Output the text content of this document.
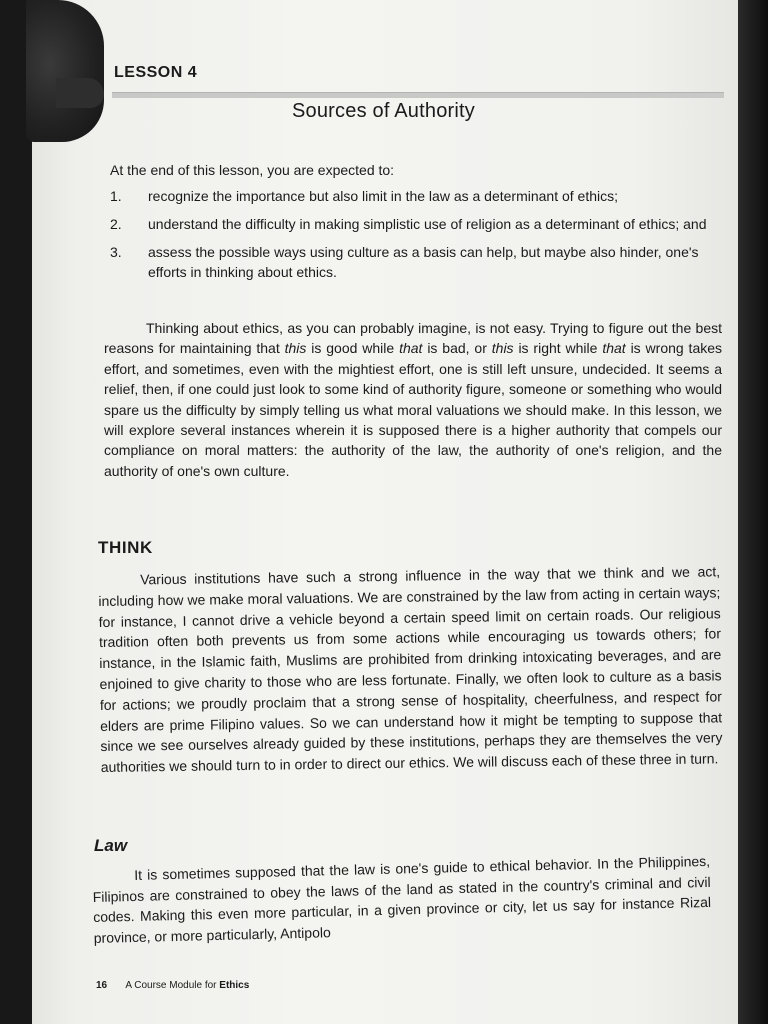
LESSON 4
Sources of Authority

At the end of this lesson, you are expected to:

1. recognize the importance but also limit in the law as a determinant of ethics;
2. understand the difficulty in making simplistic use of religion as a determinant of ethics; and
3. assess the possible ways using culture as a basis can help, but maybe also hinder, one's efforts in thinking about ethics.

Thinking about ethics, as you can probably imagine, is not easy. Trying to figure out the best reasons for maintaining that this is good while that is bad, or this is right while that is wrong takes effort, and sometimes, even with the mightiest effort, one is still left unsure, undecided. It seems a relief, then, if one could just look to some kind of authority figure, someone or something who would spare us the difficulty by simply telling us what moral valuations we should make. In this lesson, we will explore several instances wherein it is supposed there is a higher authority that compels our compliance on moral matters: the authority of the law, the authority of one's religion, and the authority of one's own culture.

THINK

Various institutions have such a strong influence in the way that we think and we act, including how we make moral valuations. We are constrained by the law from acting in certain ways; for instance, I cannot drive a vehicle beyond a certain speed limit on certain roads. Our religious tradition often both prevents us from some actions while encouraging us towards others; for instance, in the Islamic faith, Muslims are prohibited from drinking intoxicating beverages, and are enjoined to give charity to those who are less fortunate. Finally, we often look to culture as a basis for actions; we proudly proclaim that a strong sense of hospitality, cheerfulness, and respect for elders are prime Filipino values. So we can understand how it might be tempting to suppose that since we see ourselves already guided by these institutions, perhaps they are themselves the very authorities we should turn to in order to direct our ethics. We will discuss each of these three in turn.

Law

It is sometimes supposed that the law is one's guide to ethical behavior. In the Philippines, Filipinos are constrained to obey the laws of the land as stated in the country's criminal and civil codes. Making this even more particular, in a given province or city, let us say for instance Rizal province, or more particularly, Antipolo

16 A Course Module for Ethics
